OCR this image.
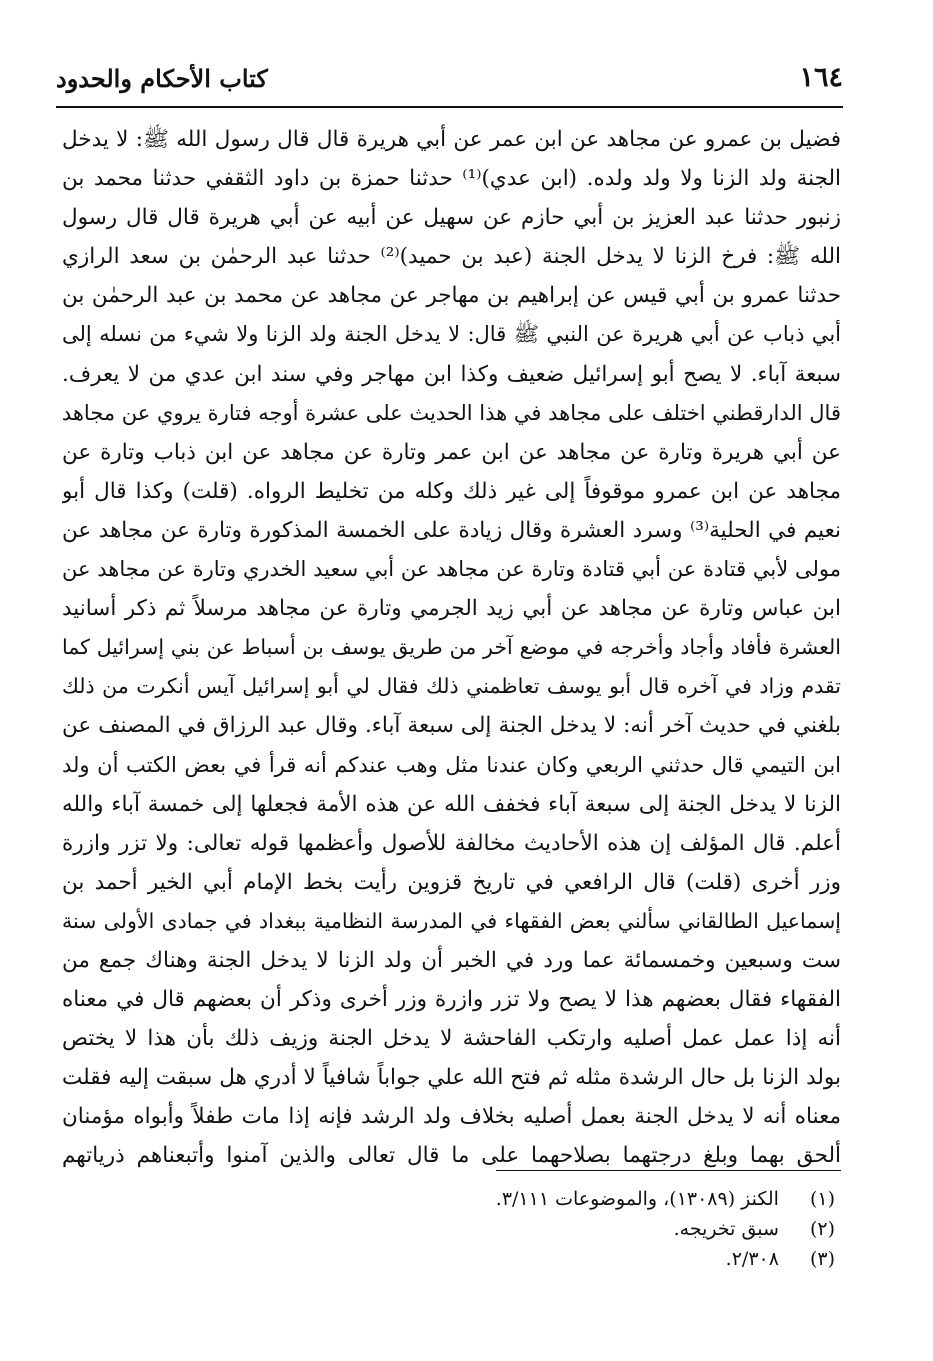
كتاب الأحكام والحدود	١٦٤
فضيل بن عمرو عن مجاهد عن ابن عمر عن أبي هريرة قال قال رسول الله ﷺ: لا يدخل
الجنة ولد الزنا ولا ولد ولده. (ابن عدي)⁽¹⁾ حدثنا حمزة بن داود الثقفي حدثنا محمد بن
زنبور حدثنا عبد العزيز بن أبي حازم عن سهيل عن أبيه عن أبي هريرة قال قال رسول
الله ﷺ: فرخ الزنا لا يدخل الجنة (عبد بن حميد)⁽²⁾ حدثنا عبد الرحمٰن بن سعد الرازي
حدثنا عمرو بن أبي قيس عن إبراهيم بن مهاجر عن مجاهد عن محمد بن عبد الرحمٰن بن
أبي ذباب عن أبي هريرة عن النبي ﷺ قال: لا يدخل الجنة ولد الزنا ولا شيء من نسله إلى
سبعة آباء. لا يصح أبو إسرائيل ضعيف وكذا ابن مهاجر وفي سند ابن عدي من لا يعرف.
قال الدارقطني اختلف على مجاهد في هذا الحديث على عشرة أوجه فتارة يروي عن مجاهد
عن أبي هريرة وتارة عن مجاهد عن ابن عمر وتارة عن مجاهد عن ابن ذباب وتارة عن
مجاهد عن ابن عمرو موقوفاً إلى غير ذلك وكله من تخليط الرواه. (قلت) وكذا قال أبو
نعيم في الحلية⁽³⁾ وسرد العشرة وقال زيادة على الخمسة المذكورة وتارة عن مجاهد عن
مولى لأبي قتادة عن أبي قتادة وتارة عن مجاهد عن أبي سعيد الخدري وتارة عن مجاهد عن
ابن عباس وتارة عن مجاهد عن أبي زيد الجرمي وتارة عن مجاهد مرسلاً ثم ذكر أسانيد
العشرة فأفاد وأجاد وأخرجه في موضع آخر من طريق يوسف بن أسباط عن بني إسرائيل كما
تقدم وزاد في آخره قال أبو يوسف تعاظمني ذلك فقال لي أبو إسرائيل آيس أنكرت من ذلك
بلغني في حديث آخر أنه: لا يدخل الجنة إلى سبعة آباء. وقال عبد الرزاق في المصنف عن
ابن التيمي قال حدثني الربعي وكان عندنا مثل وهب عندكم أنه قرأ في بعض الكتب أن ولد
الزنا لا يدخل الجنة إلى سبعة آباء فخفف الله عن هذه الأمة فجعلها إلى خمسة آباء والله
أعلم. قال المؤلف إن هذه الأحاديث مخالفة للأصول وأعظمها قوله تعالى: ولا تزر وازرة
وزر أخرى (قلت) قال الرافعي في تاريخ قزوين رأيت بخط الإمام أبي الخير أحمد بن
إسماعيل الطالقاني سألني بعض الفقهاء في المدرسة النظامية ببغداد في جمادى الأولى سنة
ست وسبعين وخمسمائة عما ورد في الخبر أن ولد الزنا لا يدخل الجنة وهناك جمع من
الفقهاء فقال بعضهم هذا لا يصح ولا تزر وازرة وزر أخرى وذكر أن بعضهم قال في معناه
أنه إذا عمل عمل أصليه وارتكب الفاحشة لا يدخل الجنة وزيف ذلك بأن هذا لا يختص
بولد الزنا بل حال الرشدة مثله ثم فتح الله علي جواباً شافياً لا أدري هل سبقت إليه فقلت
معناه أنه لا يدخل الجنة بعمل أصليه بخلاف ولد الرشد فإنه إذا مات طفلاً وأبواه مؤمنان
ألحق بهما وبلغ درجتهما بصلاحهما على ما قال تعالى والذين آمنوا وأتبعناهم ذرياتهم
(١) الكنز (١٣٠٨٩)، والموضوعات ٣/١١١.
(٢) سبق تخريجه.
(٣) ٢/٣٠٨.
